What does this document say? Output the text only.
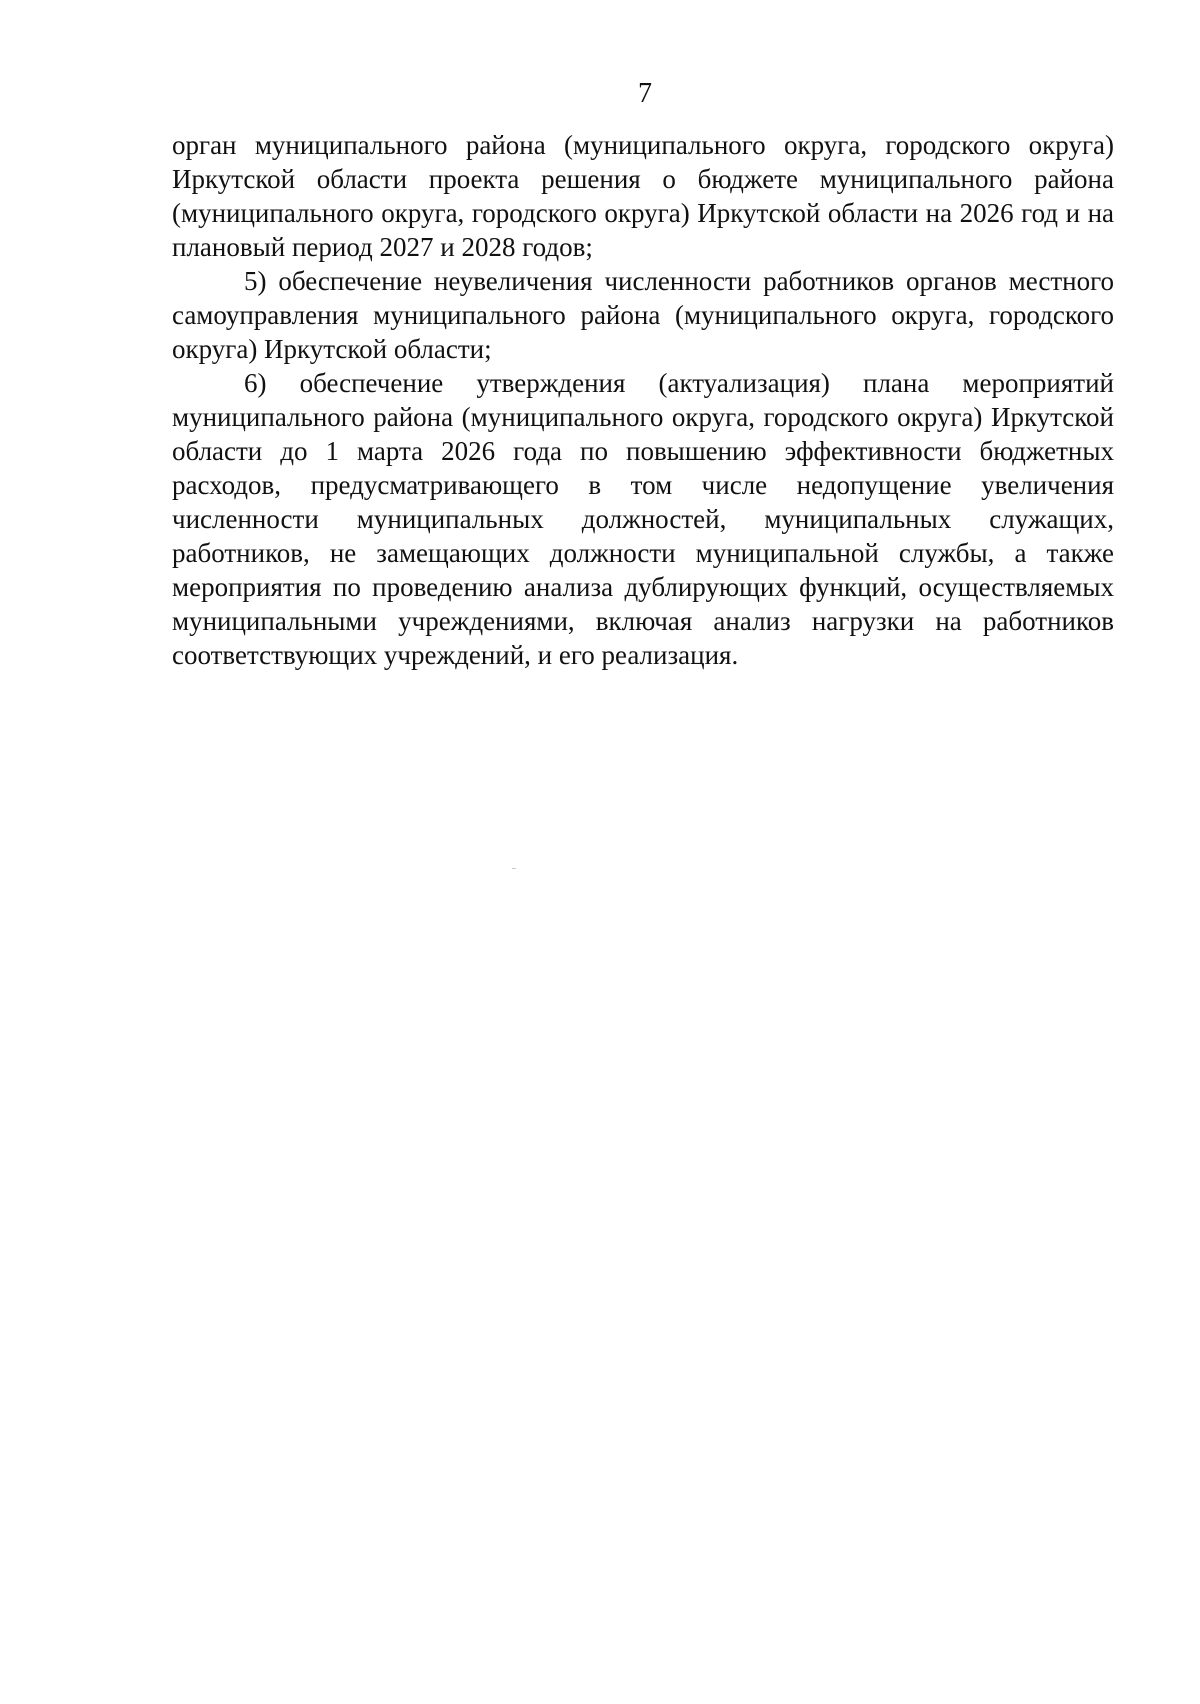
7

орган муниципального района (муниципального округа, городского округа) Иркутской области проекта решения о бюджете муниципального района (муниципального округа, городского округа) Иркутской области на 2026 год и на плановый период 2027 и 2028 годов;

5) обеспечение неувеличения численности работников органов местного самоуправления муниципального района (муниципального округа, городского округа) Иркутской области;

6) обеспечение утверждения (актуализация) плана мероприятий муниципального района (муниципального округа, городского округа) Иркутской области до 1 марта 2026 года по повышению эффективности бюджетных расходов, предусматривающего в том числе недопущение увеличения численности муниципальных должностей, муниципальных служащих, работников, не замещающих должности муниципальной службы, а также мероприятия по проведению анализа дублирующих функций, осуществляемых муниципальными учреждениями, включая анализ нагрузки на работников соответствующих учреждений, и его реализация.
